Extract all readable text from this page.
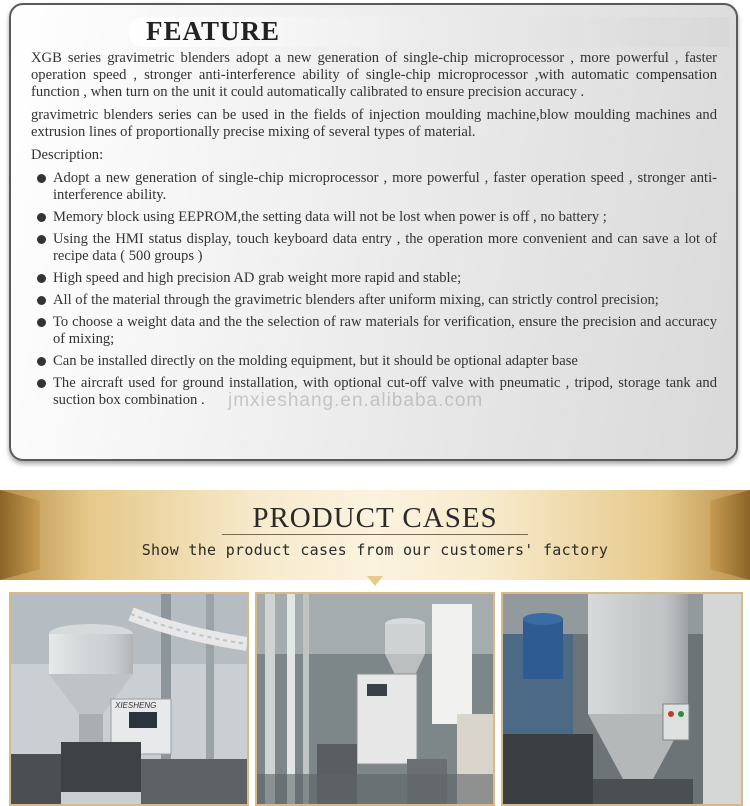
FEATURE

XGB series gravimetric blenders adopt a new generation of single-chip microprocessor , more powerful , faster operation speed , stronger anti-interference ability of single-chip microprocessor ,with automatic compensation function , when turn on the unit it could automatically calibrated to ensure precision accuracy .

gravimetric blenders series can be used in the fields of injection moulding machine,blow moulding machines and extrusion lines of proportionally precise mixing of several types of material.

Description:

Adopt a new generation of single-chip microprocessor , more powerful , faster operation speed , stronger anti-interference ability.
Memory block using EEPROM,the setting data will not be lost when power is off , no battery ;
Using the HMI status display, touch keyboard data entry , the operation more convenient and can save a lot of recipe data ( 500 groups )
High speed and high precision AD grab weight more rapid and stable;
All of the material through the gravimetric blenders after uniform mixing, can strictly control precision;
To choose a weight data and the the selection of raw materials for verification, ensure the precision and accuracy of mixing;
Can be installed directly on the molding equipment, but it should be optional adapter base
The aircraft used for ground installation, with optional cut-off valve with pneumatic , tripod, storage tank and suction box combination .	jmxieshang.en.alibaba.com
PRODUCT CASES

Show the product cases from our customers' factory

XIESHENG
